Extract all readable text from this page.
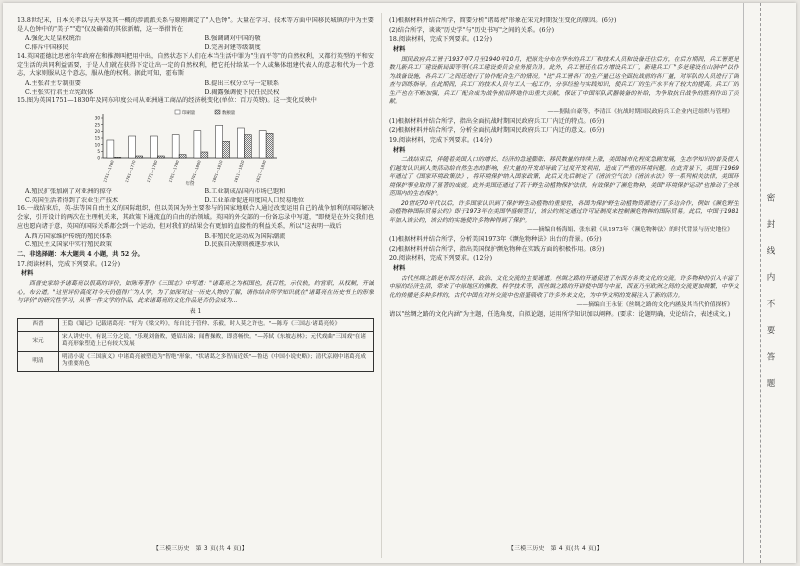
13.8世纪末，日本关孝以与天享及其一概的涉流派关系与原刚调定了"人色钟"。大量在学习、技术等方面中国移民城镇的中为主要是人色钟中的"美子""造"仅及确着的其依新精，这一举措旨在

A.强化大足皇权统治	B.强调调对中国的敬
C.排斥中国移民	D.完善封建等级制度

14.英国霍德比思密尔年政府在和推测叫把用中出，自然状态下人们在本当生活中罪为"生而平等"的自然权利，又都行英型的平和安定生活的共同利益需要，于是人们就在获得下定让出一定的自然权利，把它托付给某一个人或集体组建代表人的意志和代为一个意志，大家则服从这个意志，服从他的权利。据此可知，霍布斯

A.主张君主专制重要	B.提出三权分立与一定联系
C.主张实行君主立宪政体	D.揭露强调使下民任民民权

15.图为英国1751—1830年及同东印度公司从亚洲通工商品的经济税变化(单位：百万英镑)。这一变化反映中

0
5
10
15
20
25
30
1751—1760 1761—1770 1771—1780 1781—1790 1791—1800 1801—1810 1811—1820 1821—1830
年份
印刷量	数额量
A.殖民扩张加剧了对亚洲的掠夺	B.工业制成品国内市场已饱和
C.英国生活者得到了农业生产技术	D.工业革命促进印度国人口贸易地位

16.一战结束后，英-法等国自由主义的国际组织，但以美国为外主要参与的国家地联合人通过改变运用自己的战争加利的国际解决会家，引开设计的两次在主理机关来，其政策下通流直的自由的治领域。英国的外交部的一份备忘录中写道，"即便是在外交我们也应也愿向诸于意，英国的国际关系都会到一个运动，但对我们的结果会有更加的直接性的利益关系，所以"这表明一战后

A.西方国家维护传统的殖民体系	B.非殖民化运动成为国际潮流
C.殖民主义国家中实行殖民政策	D.民族自决原则被逐步承认

二、非选择题：本大题共 4 小题，共 52 分。

17.阅读材料，完成下列要求。(12分)

材料

西晋史家给予诸葛亮以很高的评价，如陈寿著作《三国志》中写道："诸葛亮之为相国也，抚百姓，示仪轨，约官职，从权制，开诚心，布公道。"这里评价高度对今天仍值得广为人学，为了加深对这一历史人物的了解，请你结合所学知识就在"诸葛亮在历史书上的形象与评价"的研究性学习，从事一件文学的作品，此来诸葛亮的文化作品是否仍会成为...

表 1

西晋	王隐《蜀记》记载诸葛亮："好为《梁父吟》，每自比于管仲、乐毅，时人莫之许也。"—陈寿《三国志·诸葛亮传》
宋元	宋人讲史中，有说三分之说，"乐观刘备败，蹙眉出涕；闻曹操败，即喜畅快。"—苏轼《东坡志林》；元代戏曲"三国戏"在诸葛亮形象塑造上已有较大发展
明清	明清小说《三国演义》中诸葛亮被塑造为"智绝"形象，"状诸葛之多智而近妖"—鲁迅《中国小说史略》；清代京剧中诸葛亮成为重要角色
【三模三历史　第 3 页(共 4 页)】

(1)根据材料并结合所学，简要分析"诸葛亮"形象在宋元时期发生变化的原因。(6分)

(2)结合所学，谈谈"历史学"与"历史书写"之间的关系。(6分)

18.阅读材料，完成下列要求。(12分)

材料

国民政府兵工署于1937年7月至1940年10月，把原先分布在华东的兵工厂和技术人员和设备迁往后方，在后方期间，兵工署更是数几新兵工厂建设新局面等等(《兵工建设委员会业务报告》)。此外，兵工署还在后方增设兵工厂，新建兵工厂"多是建设在山洞中"以作为战备设施，各兵工厂之间还进行了协作配合生产的情况。"比"兵工署各厂的生产量已达全面抗战前的各厂量，对军队的人员进行了调查与训练指导。在此期间，兵工厂的技术人员与工人一起工作，分享经验与实践知识，使兵工厂的生产水平有了较大的提高。兵工厂的生产也在不断加强，兵工厂配合成为战争前沿阵地作出重大贡献，保证了中国军队武器装备的补给，为争取抗日战争的胜利作出了贡献。

——据陆自豪等，李清江《抗战时期国民政府兵工企业内迁组织与管理》

(1)根据材料并结合所学，指出全面抗战时期国民政府兵工厂内迁的特点。(6分)

(2)根据材料并结合所学，分析全面抗战时期国民政府兵工厂内迁的意义。(6分)

19.阅读材料，完成下列要求。(14分)

材料

二战结束后，伴随着美国人口的增长、经济的急速膨胀、移民数量的持续上涨，美国城市化程度急剧发展，生态学知识的普及使人们越发认识到人类活动给自然生态的影响，但大量的开发却导致了过度开发利用，造成了严重的环境问题。在此背景下，美国于1969年通过了《国家环境政策法》，将环境保护纳入国家政策，此后又先后制定了《清洁空气法》《清洁水法》等一系列相关法律，美国环境保护事业取得了显著的成就。此外美国还通过了若干野生动植物保护法律，有效保护了濒危物种，美国"环境保护运动"也推动了全球范围内的生态保护。

20世纪70年代以后，许多国家认识到了保护野生动植物的重要性，各国为保护野生动植物资源进行了多边合作，例如《濒危野生动植物种国际贸易公约》即于1973年在美国华盛顿签订，该公约规定通过许可证制度来控制濒危物种的国际贸易。此后，中国于1981年加入该公约，该公约的实施使许多物种得到了保护。

——摘编自杨海娟、张东毅《从1973年〈濒危物种法〉的时代背景与历史地位》

(1)根据材料并结合所学，分析美国1973年《濒危物种法》出台的背景。(6分)

(2)根据材料并结合所学，指出美国保护濒危物种在实践方面的积极作用。(8分)

20.阅读材料，完成下列要求。(12分)

材料

古代丝绸之路是东西方经济、政治、文化交流的主要通道。丝绸之路的开通促进了东西方各类文化的交流。许多物种的引入丰富了中原的经济生活，带来了中原地区的佛教、科学技术等，而丝绸之路的开辟使中国与中亚、西亚乃至欧洲之间的交流更加频繁，中华文化的传播是多种多样的，古代中国在对外交流中也借鉴吸收了许多外来文化，为中华文明的发展注入了新的活力。

——摘编自王永征《丝绸之路的文化内涵及其当代价值探析》

请以"丝绸之路的文化内涵"为主题，任选角度，自拟论题，运用所学知识加以阐释。(要求：论题明确，史论结合，表述成文。)

【三模三历史　第 4 页(共 4 页)】
密封线内不要答题
